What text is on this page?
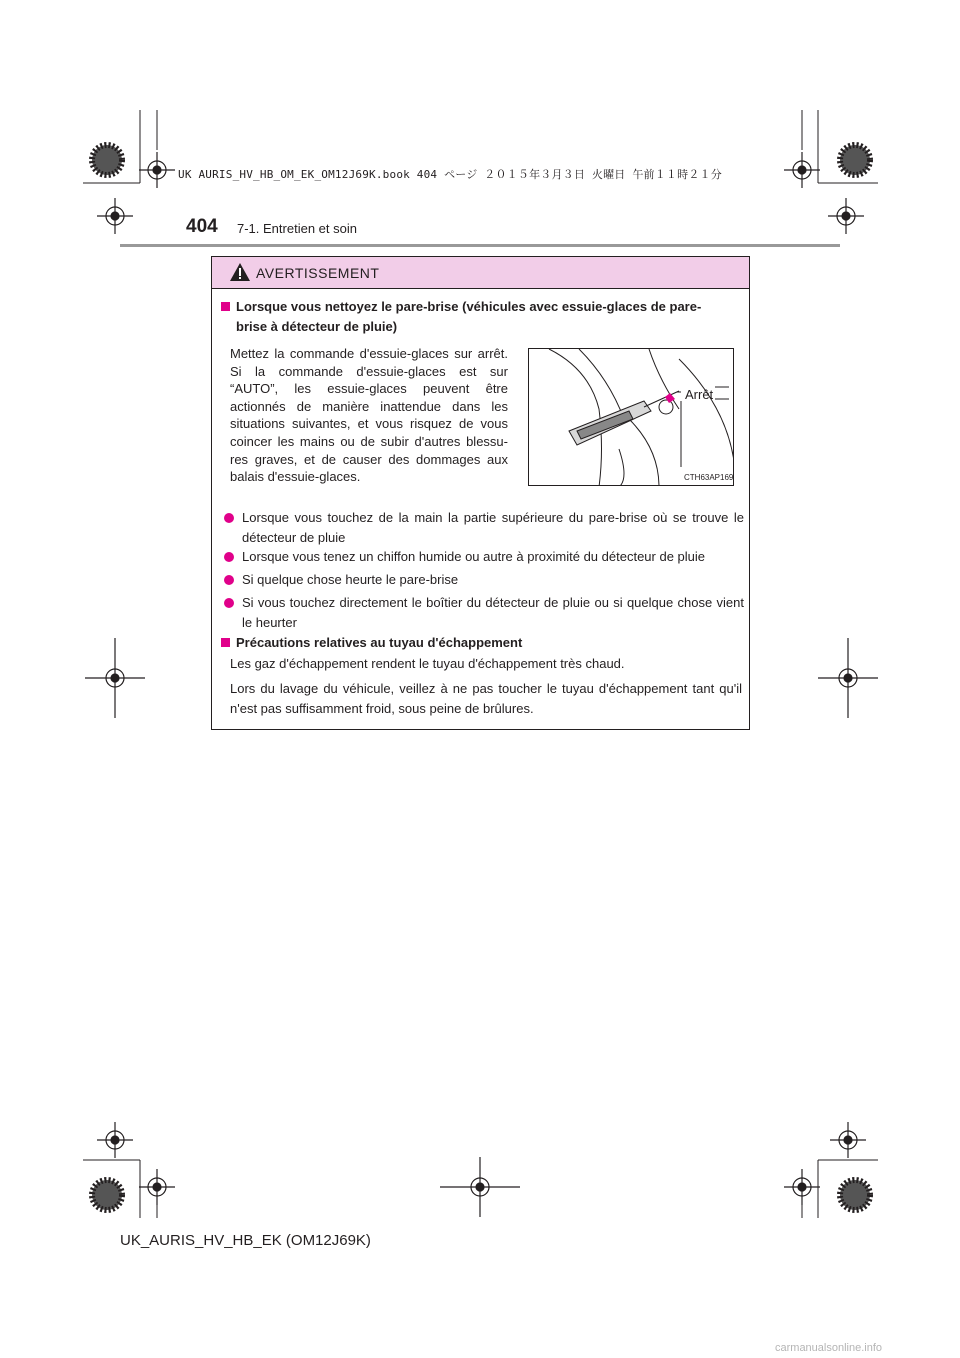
UK AURIS_HV_HB_OM_EK_OM12J69K.book 404 ページ ２０１５年３月３日 火曜日 午前１１時２１分
404 7-1. Entretien et soin
AVERTISSEMENT
Lorsque vous nettoyez le pare-brise (véhicules avec essuie-glaces de pare-
brise à détecteur de pluie)
Mettez la commande d'essuie-glaces sur arrêt. Si la commande d'essuie-glaces est sur “AUTO”, les essuie-glaces peuvent être actionnés de manière inattendue dans les situations suivantes, et vous risquez de vous coincer les mains ou de subir d'autres blessu- res graves, et de causer des dommages aux balais d'essuie-glaces.
Arrêt
CTH63AP169
Lorsque vous touchez de la main la partie supérieure du pare-brise où se trouve le détecteur de pluie
Lorsque vous tenez un chiffon humide ou autre à proximité du détecteur de pluie
Si quelque chose heurte le pare-brise
Si vous touchez directement le boîtier du détecteur de pluie ou si quelque chose vient le heurter
Précautions relatives au tuyau d'échappement
Les gaz d'échappement rendent le tuyau d'échappement très chaud.
Lors du lavage du véhicule, veillez à ne pas toucher le tuyau d'échappement tant qu'il n'est pas suffisamment froid, sous peine de brûlures.
UK_AURIS_HV_HB_EK (OM12J69K)
carmanualsonline.info
